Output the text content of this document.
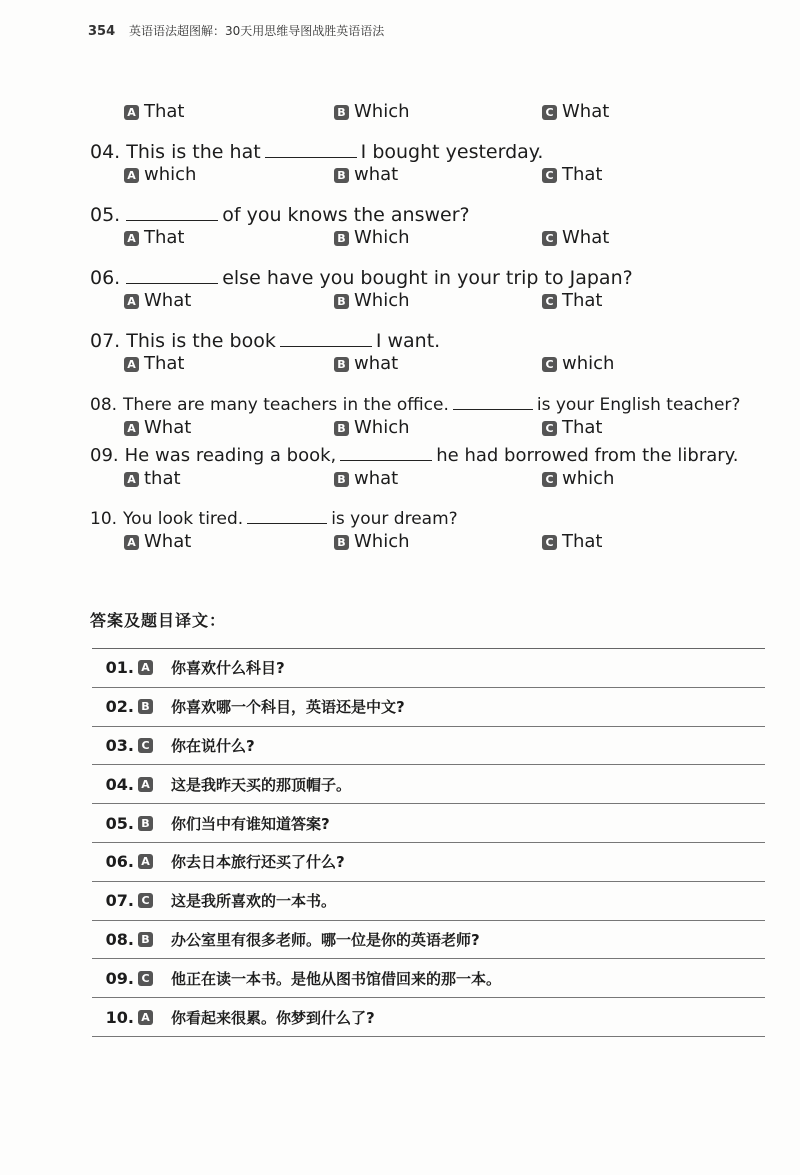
354 英语语法超图解：30天用思维导图战胜英语语法
A That	B Which	C What
04. This is the hat	I bought yesterday.
A which	B what	C That
05.	of you knows the answer?
A That	B Which	C What
06.	else have you bought in your trip to Japan?
A What	B Which	C That
07. This is the book	I want.
A That	B what	C which
08. There are many teachers in the office.	is your English teacher?
A What	B Which	C That
09. He was reading a book,	he had borrowed from the library.
A that	B what	C which
10. You look tired.	is your dream?
A What	B Which	C That
答案及题目译文：
01. A 你喜欢什么科目?
02. B 你喜欢哪一个科目，英语还是中文?
03. C 你在说什么?
04. A 这是我昨天买的那顶帽子。
05. B 你们当中有谁知道答案?
06. A 你去日本旅行还买了什么?
07. C 这是我所喜欢的一本书。
08. B 办公室里有很多老师。哪一位是你的英语老师?
09. C 他正在读一本书。是他从图书馆借回来的那一本。
10. A 你看起来很累。你梦到什么了?
